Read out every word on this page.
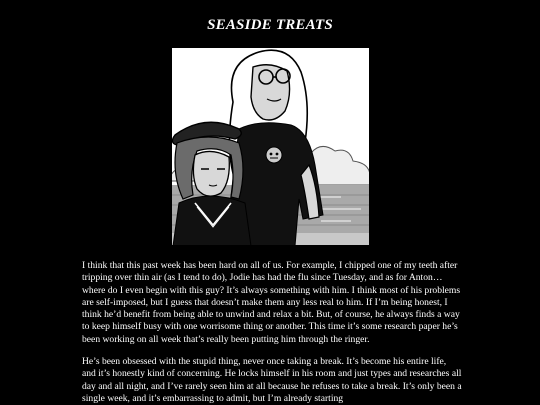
SEASIDE TREATS

I think that this past week has been hard on all of us. For example, I chipped one of my teeth after tripping over thin air (as I tend to do), Jodie has had the flu since Tuesday, and as for Anton… where do I even begin with this guy? It’s always something with him. I think most of his problems are self-imposed, but I guess that doesn’t make them any less real to him. If I’m being honest, I think he’d benefit from being able to unwind and relax a bit. But, of course, he always finds a way to keep himself busy with one worrisome thing or another. This time it’s some research paper he’s been working on all week that’s really been putting him through the ringer.

He’s been obsessed with the stupid thing, never once taking a break. It’s become his entire life, and it’s honestly kind of concerning. He locks himself in his room and just types and researches all day and all night, and I’ve rarely seen him at all because he refuses to take a break. It’s only been a single week, and it’s embarrassing to admit, but I’m already starting
